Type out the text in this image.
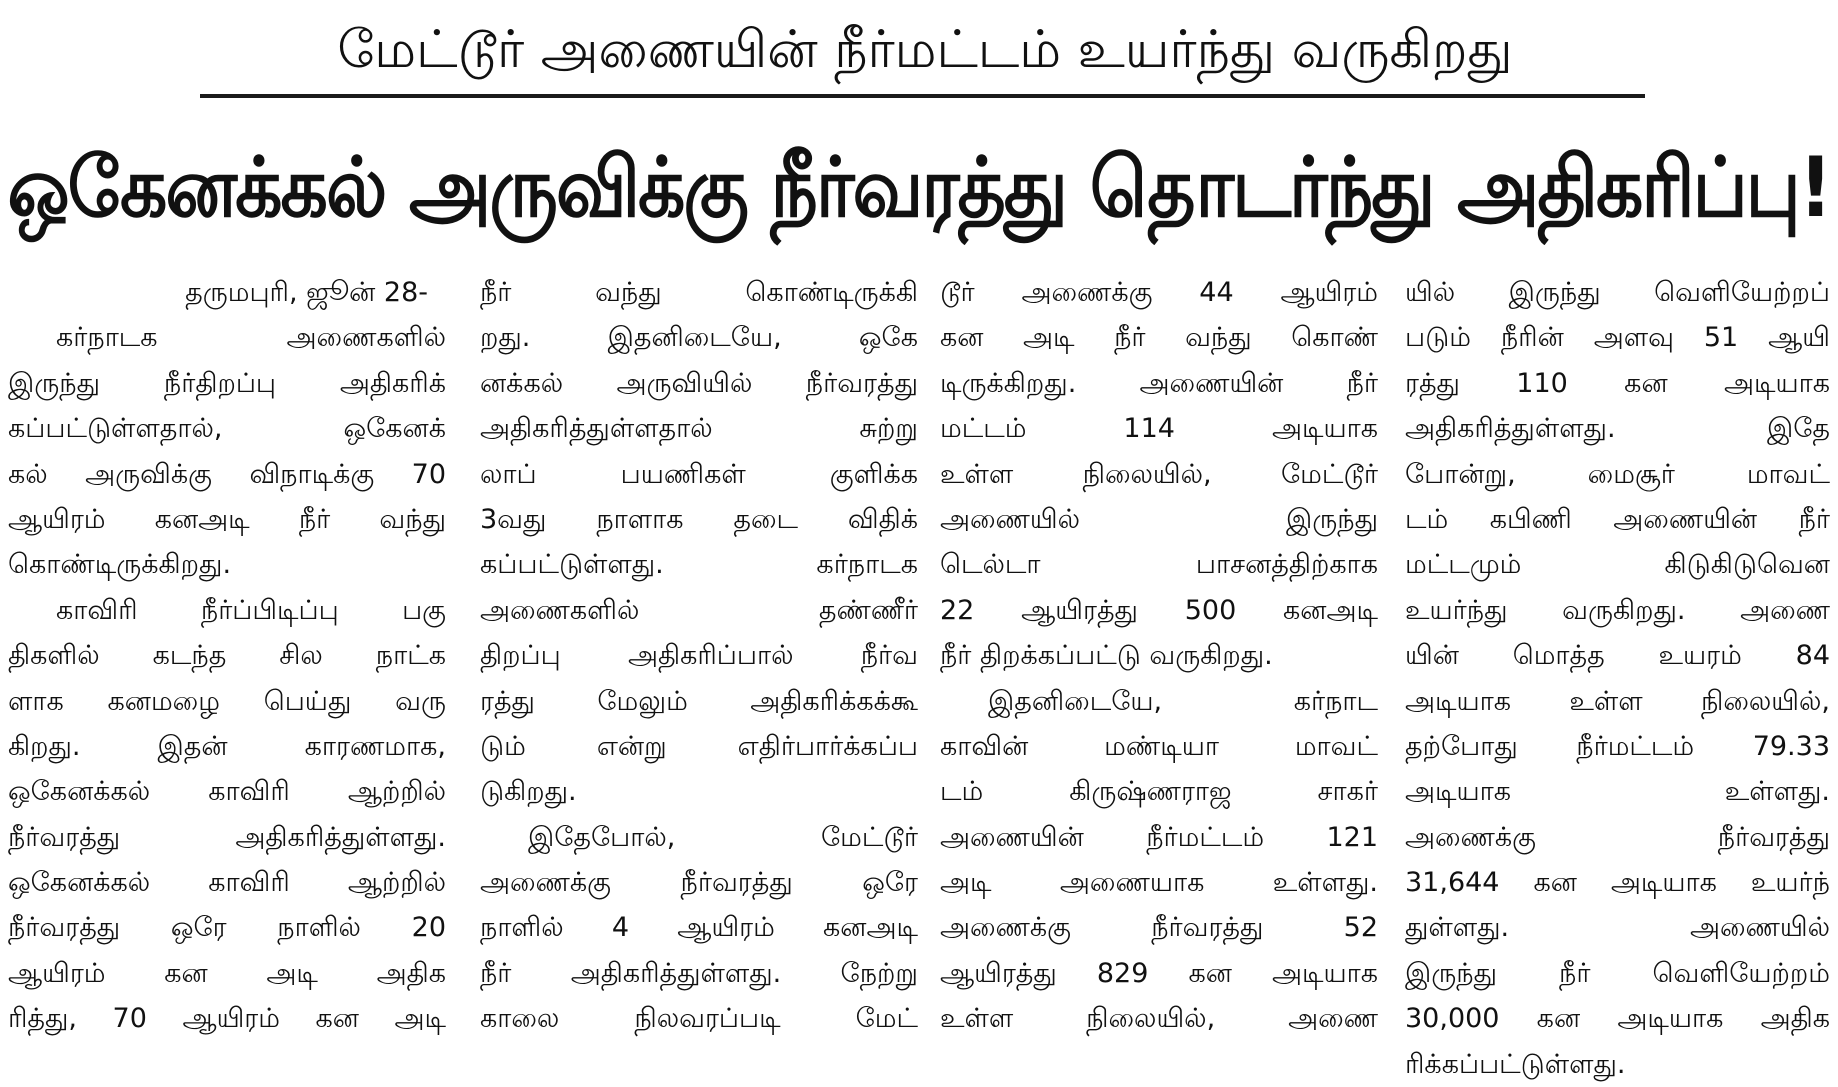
மேட்டூர் அணையின் நீர்மட்டம் உயர்ந்து வருகிறது
ஒகேனக்கல் அருவிக்கு நீர்வரத்து தொடர்ந்து அதிகரிப்பு!
தருமபுரி, ஜூன் 28-
கர்நாடக அணைகளில்
இருந்து நீர்திறப்பு அதிகரிக்
கப்பட்டுள்ளதால், ஒகேனக்
கல் அருவிக்கு விநாடிக்கு 70
ஆயிரம் கனஅடி நீர் வந்து
கொண்டிருக்கிறது.
காவிரி நீர்ப்பிடிப்பு பகு
திகளில் கடந்த சில நாட்க
ளாக கனமழை பெய்து வரு
கிறது. இதன் காரணமாக,
ஒகேனக்கல் காவிரி ஆற்றில்
நீர்வரத்து அதிகரித்துள்ளது.
ஒகேனக்கல் காவிரி ஆற்றில்
நீர்வரத்து ஒரே நாளில் 20
ஆயிரம் கன அடி அதிக
ரித்து, 70 ஆயிரம் கன அடி
நீர் வந்து கொண்டிருக்கி
றது. இதனிடையே, ஒகே
னக்கல் அருவியில் நீர்வரத்து
அதிகரித்துள்ளதால் சுற்று
லாப் பயணிகள் குளிக்க
3வது நாளாக தடை விதிக்
கப்பட்டுள்ளது. கர்நாடக
அணைகளில் தண்ணீர்
திறப்பு அதிகரிப்பால் நீர்வ
ரத்து மேலும் அதிகரிக்கக்கூ
டும் என்று எதிர்பார்க்கப்ப
டுகிறது.
இதேபோல், மேட்டூர்
அணைக்கு நீர்வரத்து ஒரே
நாளில் 4 ஆயிரம் கனஅடி
நீர் அதிகரித்துள்ளது. நேற்று
காலை நிலவரப்படி மேட்
டூர் அணைக்கு 44 ஆயிரம்
கன அடி நீர் வந்து கொண்
டிருக்கிறது. அணையின் நீர்
மட்டம் 114 அடியாக
உள்ள நிலையில், மேட்டூர்
அணையில் இருந்து
டெல்டா பாசனத்திற்காக
22 ஆயிரத்து 500 கனஅடி
நீர் திறக்கப்பட்டு வருகிறது.
இதனிடையே, கர்நாட
காவின் மண்டியா மாவட்
டம் கிருஷ்ணராஜ சாகர்
அணையின் நீர்மட்டம் 121
அடி அணையாக உள்ளது.
அணைக்கு நீர்வரத்து 52
ஆயிரத்து 829 கன அடியாக
உள்ள நிலையில், அணை
யில் இருந்து வெளியேற்றப்
படும் நீரின் அளவு 51 ஆயி
ரத்து 110 கன அடியாக
அதிகரித்துள்ளது. இதே
போன்று, மைசூர் மாவட்
டம் கபிணி அணையின் நீர்
மட்டமும் கிடுகிடுவென
உயர்ந்து வருகிறது. அணை
யின் மொத்த உயரம் 84
அடியாக உள்ள நிலையில்,
தற்போது நீர்மட்டம் 79.33
அடியாக உள்ளது.
அணைக்கு நீர்வரத்து
31,644 கன அடியாக உயர்ந்
துள்ளது. அணையில்
இருந்து நீர் வெளியேற்றம்
30,000 கன அடியாக அதிக
ரிக்கப்பட்டுள்ளது.
